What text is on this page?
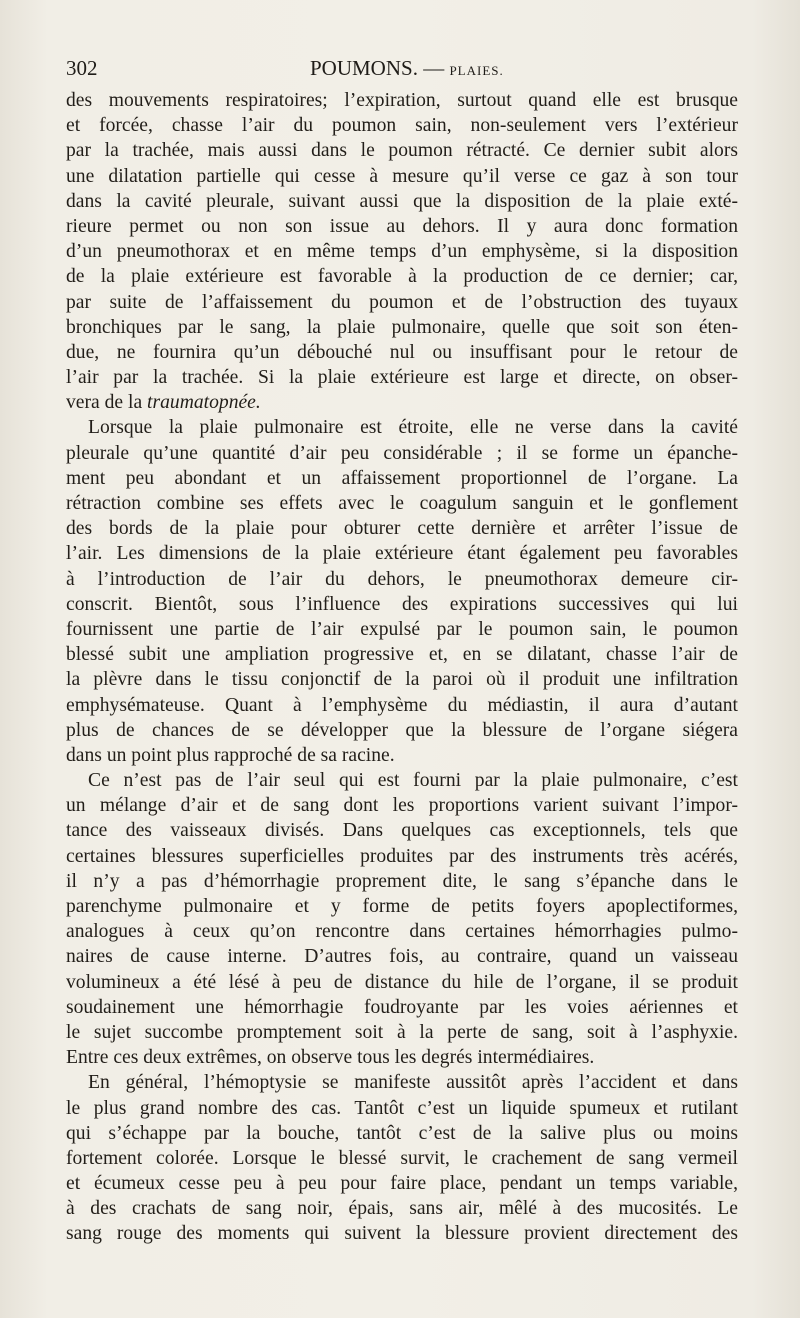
302	POUMONS. — PLAIES.
des mouvements respiratoires; l’expiration, surtout quand elle est brusque
et forcée, chasse l’air du poumon sain, non-seulement vers l’extérieur
par la trachée, mais aussi dans le poumon rétracté. Ce dernier subit alors
une dilatation partielle qui cesse à mesure qu’il verse ce gaz à son tour
dans la cavité pleurale, suivant aussi que la disposition de la plaie exté-
rieure permet ou non son issue au dehors. Il y aura donc formation
d’un pneumothorax et en même temps d’un emphysème, si la disposition
de la plaie extérieure est favorable à la production de ce dernier; car,
par suite de l’affaissement du poumon et de l’obstruction des tuyaux
bronchiques par le sang, la plaie pulmonaire, quelle que soit son éten-
due, ne fournira qu’un débouché nul ou insuffisant pour le retour de
l’air par la trachée. Si la plaie extérieure est large et directe, on obser-
vera de la traumatopnée.
Lorsque la plaie pulmonaire est étroite, elle ne verse dans la cavité
pleurale qu’une quantité d’air peu considérable ; il se forme un épanche-
ment peu abondant et un affaissement proportionnel de l’organe. La
rétraction combine ses effets avec le coagulum sanguin et le gonflement
des bords de la plaie pour obturer cette dernière et arrêter l’issue de
l’air. Les dimensions de la plaie extérieure étant également peu favorables
à l’introduction de l’air du dehors, le pneumothorax demeure cir-
conscrit. Bientôt, sous l’influence des expirations successives qui lui
fournissent une partie de l’air expulsé par le poumon sain, le poumon
blessé subit une ampliation progressive et, en se dilatant, chasse l’air de
la plèvre dans le tissu conjonctif de la paroi où il produit une infiltration
emphysémateuse. Quant à l’emphysème du médiastin, il aura d’autant
plus de chances de se développer que la blessure de l’organe siégera
dans un point plus rapproché de sa racine.
Ce n’est pas de l’air seul qui est fourni par la plaie pulmonaire, c’est
un mélange d’air et de sang dont les proportions varient suivant l’impor-
tance des vaisseaux divisés. Dans quelques cas exceptionnels, tels que
certaines blessures superficielles produites par des instruments très acérés,
il n’y a pas d’hémorrhagie proprement dite, le sang s’épanche dans le
parenchyme pulmonaire et y forme de petits foyers apoplectiformes,
analogues à ceux qu’on rencontre dans certaines hémorrhagies pulmo-
naires de cause interne. D’autres fois, au contraire, quand un vaisseau
volumineux a été lésé à peu de distance du hile de l’organe, il se produit
soudainement une hémorrhagie foudroyante par les voies aériennes et
le sujet succombe promptement soit à la perte de sang, soit à l’asphyxie.
Entre ces deux extrêmes, on observe tous les degrés intermédiaires.
En général, l’hémoptysie se manifeste aussitôt après l’accident et dans
le plus grand nombre des cas. Tantôt c’est un liquide spumeux et rutilant
qui s’échappe par la bouche, tantôt c’est de la salive plus ou moins
fortement colorée. Lorsque le blessé survit, le crachement de sang vermeil
et écumeux cesse peu à peu pour faire place, pendant un temps variable,
à des crachats de sang noir, épais, sans air, mêlé à des mucosités. Le
sang rouge des moments qui suivent la blessure provient directement des
